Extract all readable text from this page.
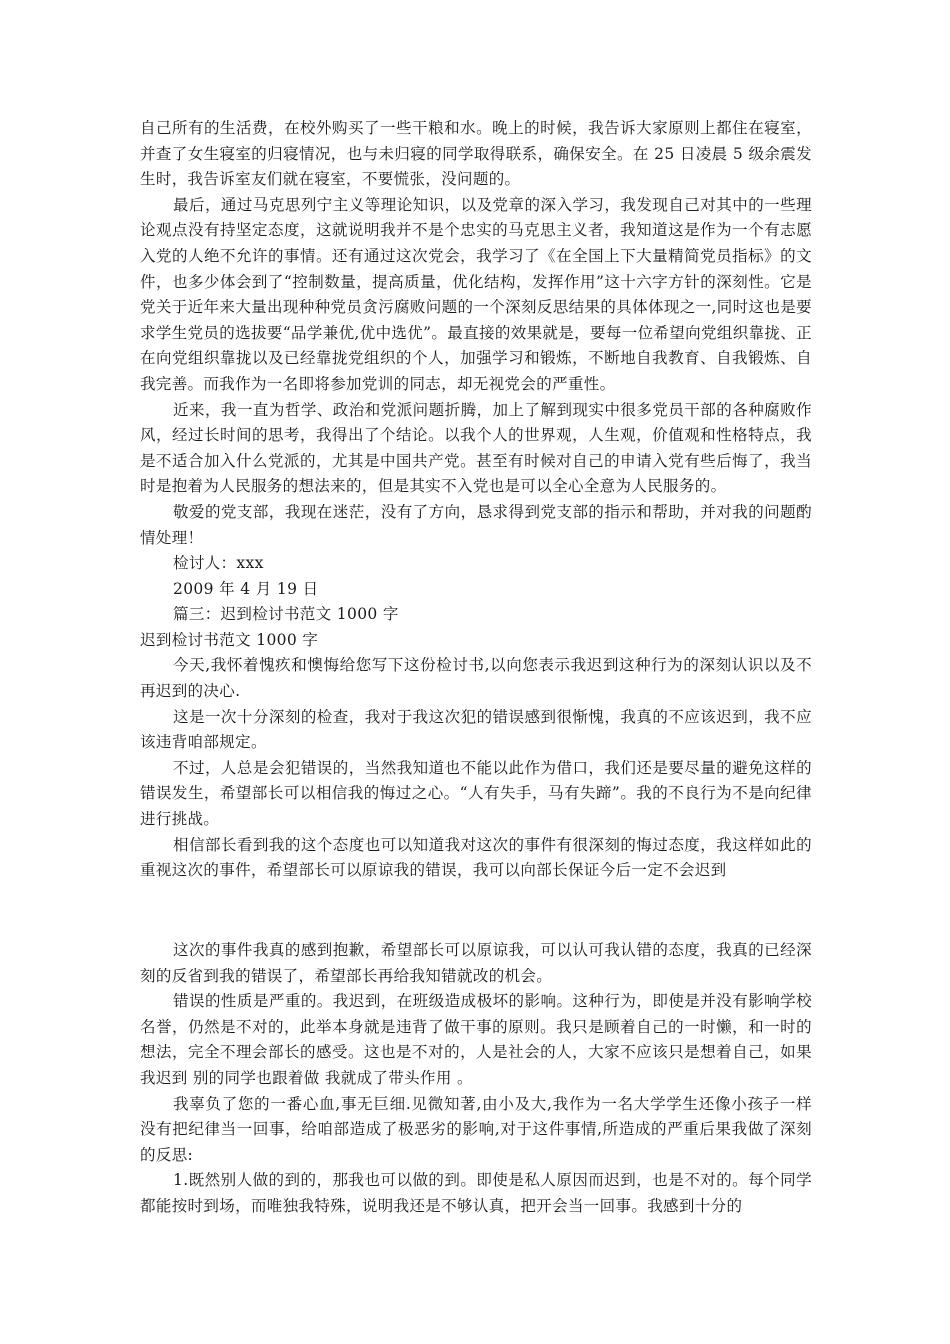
自己所有的生活费，在校外购买了一些干粮和水。晚上的时候，我告诉大家原则上都住在寝室，并查了女生寝室的归寝情况，也与未归寝的同学取得联系，确保安全。在 25 日凌晨 5 级余震发生时，我告诉室友们就在寝室，不要慌张，没问题的。

最后，通过马克思列宁主义等理论知识，以及党章的深入学习，我发现自己对其中的一些理论观点没有持坚定态度，这就说明我并不是个忠实的马克思主义者，我知道这是作为一个有志愿入党的人绝不允许的事情。还有通过这次党会，我学习了《在全国上下大量精简党员指标》的文件，也多少体会到了“控制数量，提高质量，优化结构，发挥作用”这十六字方针的深刻性。它是党关于近年来大量出现种种党员贪污腐败问题的一个深刻反思结果的具体体现之一,同时这也是要求学生党员的选拔要“品学兼优,优中选优”。最直接的效果就是，要每一位希望向党组织靠拢、正在向党组织靠拢以及已经靠拢党组织的个人，加强学习和锻炼，不断地自我教育、自我锻炼、自我完善。而我作为一名即将参加党训的同志，却无视党会的严重性。

近来，我一直为哲学、政治和党派问题折腾，加上了解到现实中很多党员干部的各种腐败作风，经过长时间的思考，我得出了个结论。以我个人的世界观，人生观，价值观和性格特点，我是不适合加入什么党派的，尤其是中国共产党。甚至有时候对自己的申请入党有些后悔了，我当时是抱着为人民服务的想法来的，但是其实不入党也是可以全心全意为人民服务的。

敬爱的党支部，我现在迷茫，没有了方向，恳求得到党支部的指示和帮助，并对我的问题酌情处理！

检讨人：xxx

2009 年 4 月 19 日

篇三：迟到检讨书范文 1000 字

迟到检讨书范文 1000 字

今天,我怀着愧疚和懊悔给您写下这份检讨书,以向您表示我迟到这种行为的深刻认识以及不再迟到的决心.

这是一次十分深刻的检查，我对于我这次犯的错误感到很惭愧，我真的不应该迟到，我不应该违背咱部规定。

不过，人总是会犯错误的，当然我知道也不能以此作为借口，我们还是要尽量的避免这样的错误发生，希望部长可以相信我的悔过之心。“人有失手，马有失蹄”。我的不良行为不是向纪律进行挑战。

相信部长看到我的这个态度也可以知道我对这次的事件有很深刻的悔过态度，我这样如此的重视这次的事件，希望部长可以原谅我的错误，我可以向部长保证今后一定不会迟到

这次的事件我真的感到抱歉，希望部长可以原谅我，可以认可我认错的态度，我真的已经深刻的反省到我的错误了，希望部长再给我知错就改的机会。

错误的性质是严重的。我迟到，在班级造成极坏的影响。这种行为，即使是并没有影响学校名誉，仍然是不对的，此举本身就是违背了做干事的原则。我只是顾着自己的一时懒，和一时的想法，完全不理会部长的感受。这也是不对的，人是社会的人，大家不应该只是想着自己，如果我迟到 别的同学也跟着做 我就成了带头作用 。

我辜负了您的一番心血,事无巨细.见微知著,由小及大,我作为一名大学学生还像小孩子一样没有把纪律当一回事，给咱部造成了极恶劣的影响,对于这件事情,所造成的严重后果我做了深刻的反思:

1.既然别人做的到的，那我也可以做的到。即使是私人原因而迟到，也是不对的。每个同学都能按时到场，而唯独我特殊，说明我还是不够认真，把开会当一回事。我感到十分的
